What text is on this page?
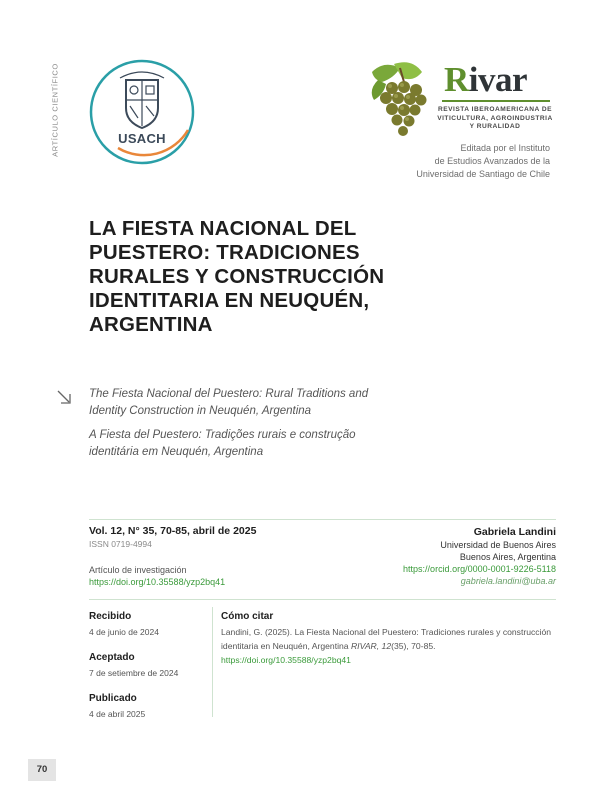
ARTÍCULO CIENTÍFICO	USACH
Rivar
REVISTA IBEROAMERICANA DE
VITICULTURA, AGROINDUSTRIA
Y RURALIDAD
Editada por el Instituto
de Estudios Avanzados de la
Universidad de Santiago de Chile
LA FIESTA NACIONAL DEL PUESTERO: TRADICIONES RURALES Y CONSTRUCCIÓN IDENTITARIA EN NEUQUÉN, ARGENTINA

The Fiesta Nacional del Puestero: Rural Traditions and Identity Construction in Neuquén, Argentina

A Fiesta del Puestero: Tradições rurais e construção identitária em Neuquén, Argentina

Vol. 12, N° 35, 70-85, abril de 2025
ISSN 0719-4994
Artículo de investigación
https://doi.org/10.35588/yzp2bq41
Gabriela Landini
Universidad de Buenos Aires
Buenos Aires, Argentina
https://orcid.org/0000-0001-9226-5118
gabriela.landini@uba.ar
Recibido
4 de junio de 2024
Aceptado
7 de setiembre de 2024
Publicado
4 de abril 2025
Cómo citar

Landini, G. (2025). La Fiesta Nacional del Puestero: Tradiciones rurales y construcción identitaria en Neuquén, Argentina RIVAR, 12(35), 70-85.
https://doi.org/10.35588/yzp2bq41

70
